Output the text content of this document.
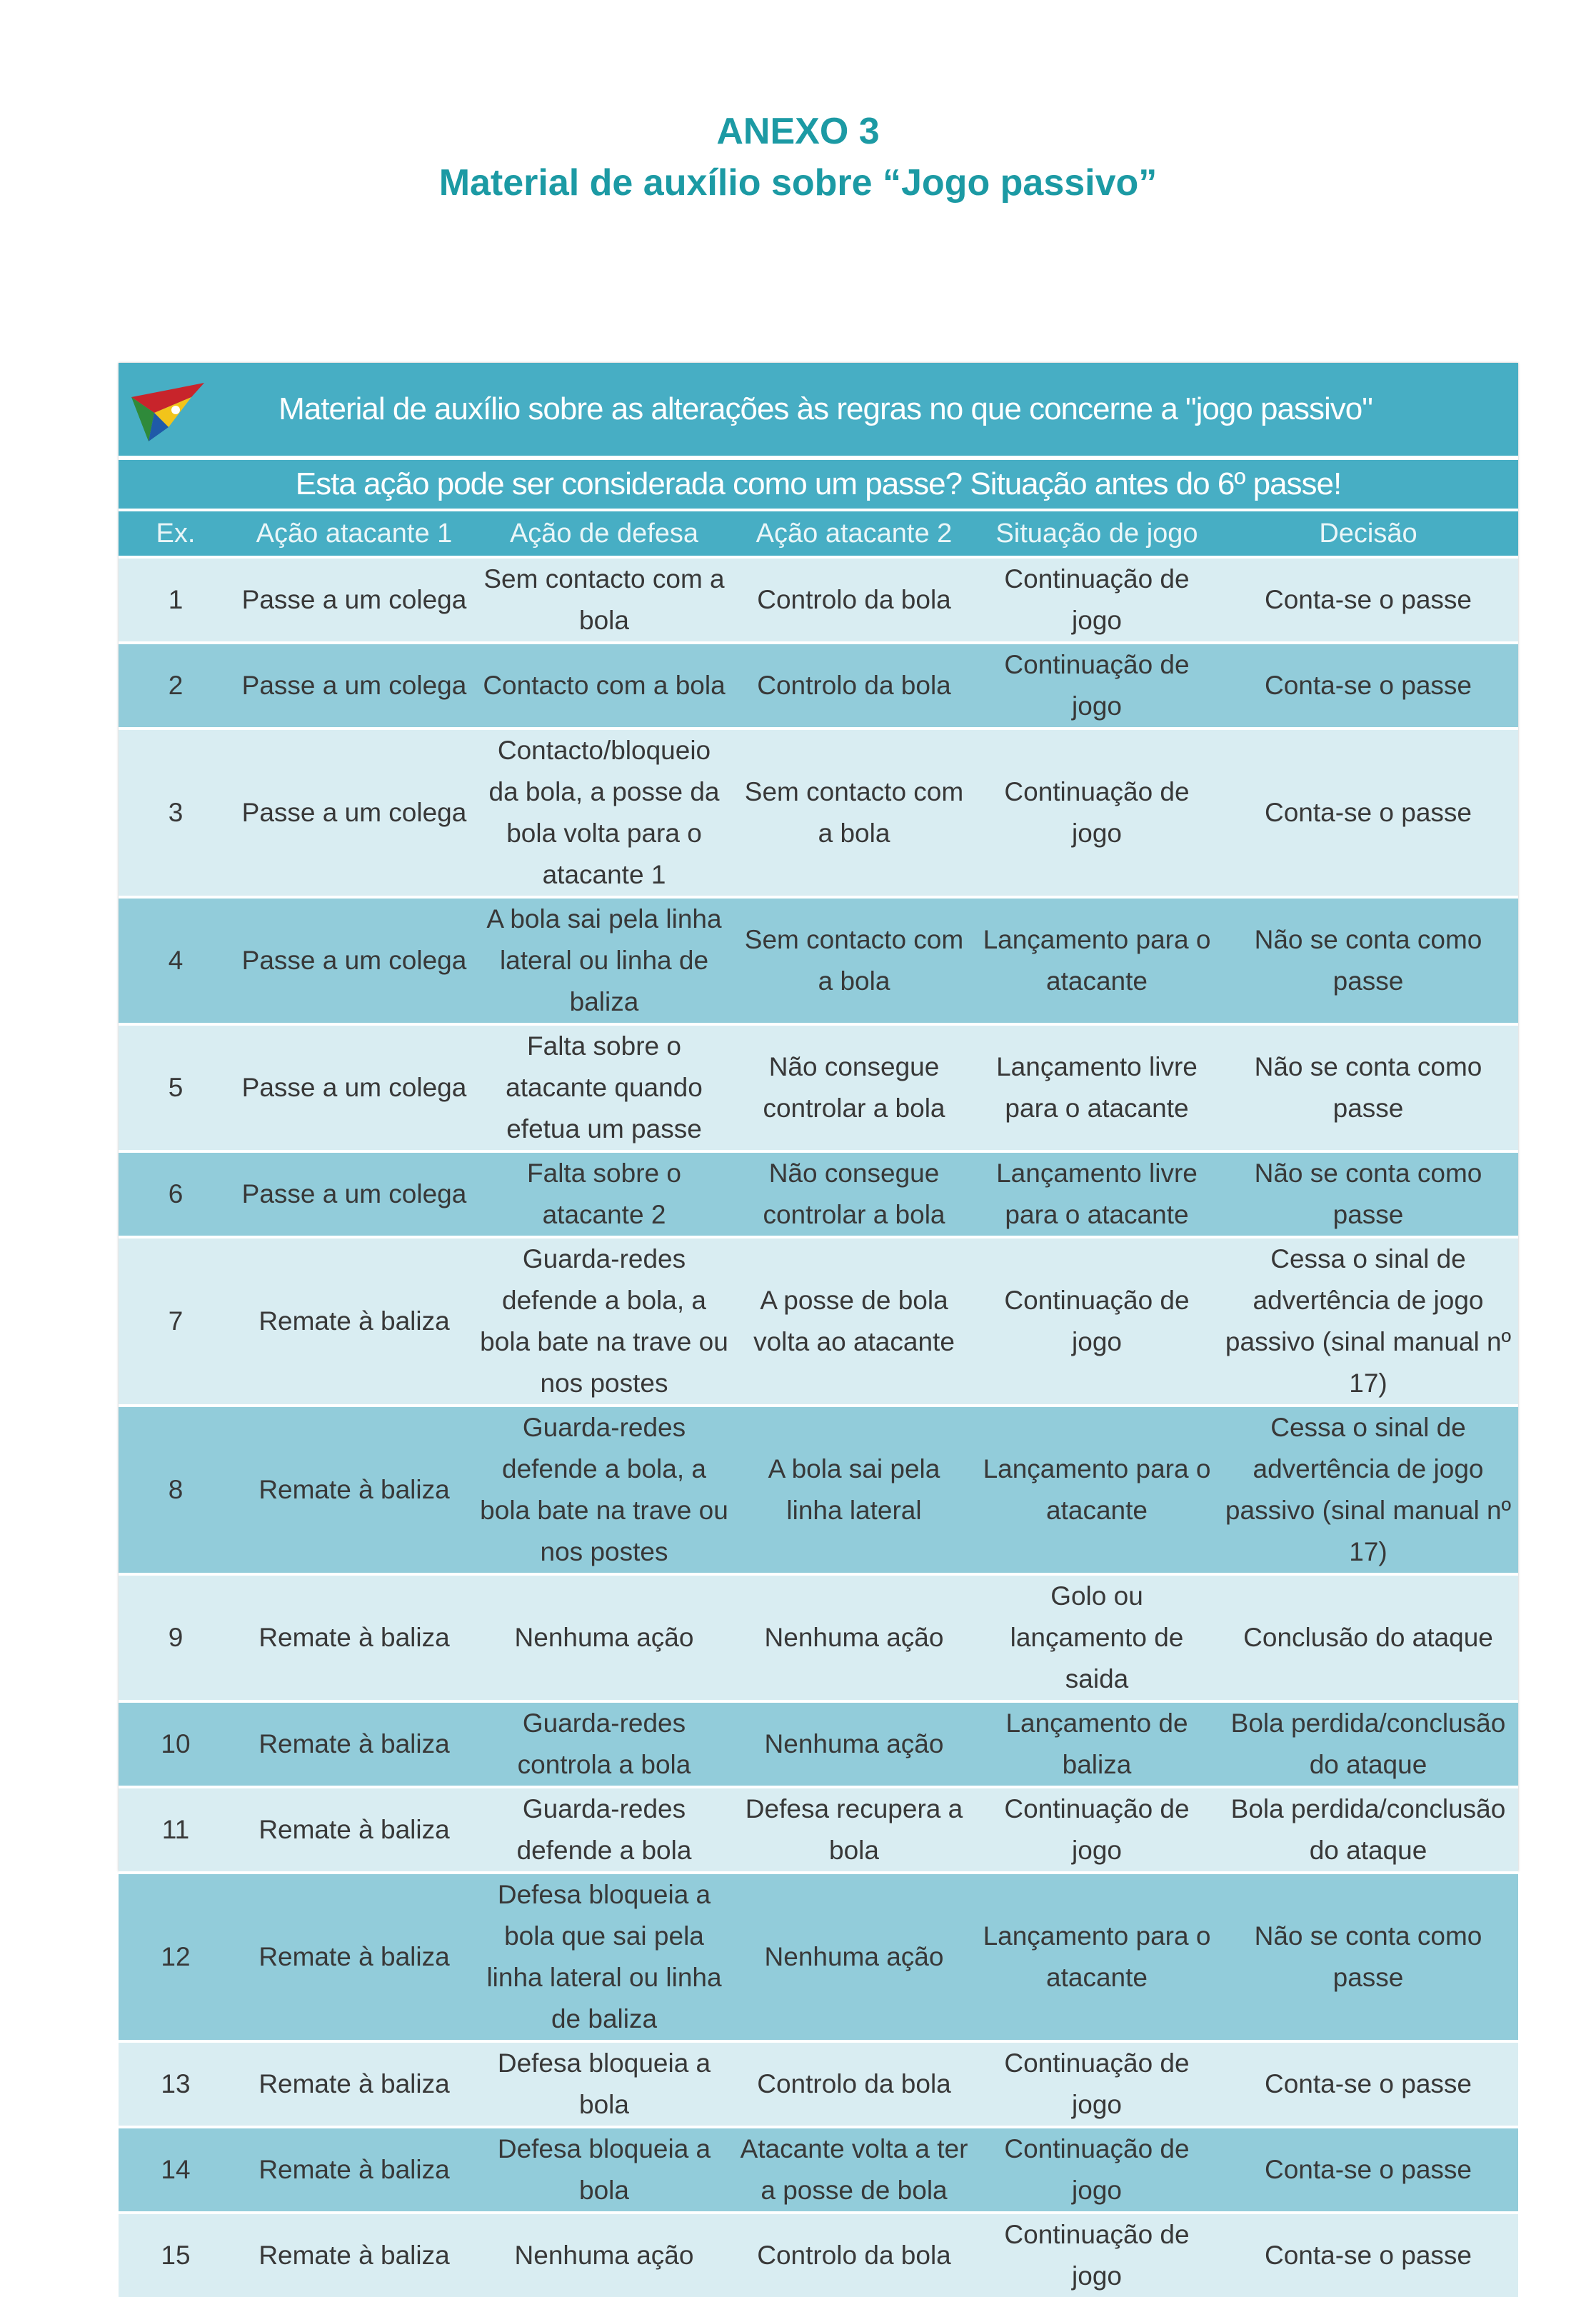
ANEXO 3
Material de auxílio sobre “Jogo passivo”
Material de auxílio sobre as alterações às regras no que concerne a "jogo passivo"
Esta ação pode ser considerada como um passe? Situação antes do 6º passe!
Ex.	Ação atacante 1	Ação de defesa	Ação atacante 2	Situação de jogo	Decisão
1	Passe a um colega	Sem contacto com a bola	Controlo da bola	Continuação de jogo	Conta-se o passe
2	Passe a um colega	Contacto com a bola	Controlo da bola	Continuação de jogo	Conta-se o passe
3	Passe a um colega	Contacto/bloqueio da bola, a posse da bola volta para o atacante 1	Sem contacto com a bola	Continuação de jogo	Conta-se o passe
4	Passe a um colega	A bola sai pela linha lateral ou linha de baliza	Sem contacto com a bola	Lançamento para o atacante	Não se conta como passe
5	Passe a um colega	Falta sobre o atacante quando efetua um passe	Não consegue controlar a bola	Lançamento livre para o atacante	Não se conta como passe
6	Passe a um colega	Falta sobre o atacante 2	Não consegue controlar a bola	Lançamento livre para o atacante	Não se conta como passe
7	Remate à baliza	Guarda-redes defende a bola, a bola bate na trave ou nos postes	A posse de bola volta ao atacante	Continuação de jogo	Cessa o sinal de advertência de jogo passivo (sinal manual nº 17)
8	Remate à baliza	Guarda-redes defende a bola, a bola bate na trave ou nos postes	A bola sai pela linha lateral	Lançamento para o atacante	Cessa o sinal de advertência de jogo passivo (sinal manual nº 17)
9	Remate à baliza	Nenhuma ação	Nenhuma ação	Golo ou lançamento de saida	Conclusão do ataque
10	Remate à baliza	Guarda-redes controla a bola	Nenhuma ação	Lançamento de baliza	Bola perdida/conclusão do ataque
11	Remate à baliza	Guarda-redes defende a bola	Defesa recupera a bola	Continuação de jogo	Bola perdida/conclusão do ataque
12	Remate à baliza	Defesa bloqueia a bola que sai pela linha lateral ou linha de baliza	Nenhuma ação	Lançamento para o atacante	Não se conta como passe
13	Remate à baliza	Defesa bloqueia a bola	Controlo da bola	Continuação de jogo	Conta-se o passe
14	Remate à baliza	Defesa bloqueia a bola	Atacante volta a ter a posse de bola	Continuação de jogo	Conta-se o passe
15	Remate à baliza	Nenhuma ação	Controlo da bola	Continuação de jogo	Conta-se o passe
